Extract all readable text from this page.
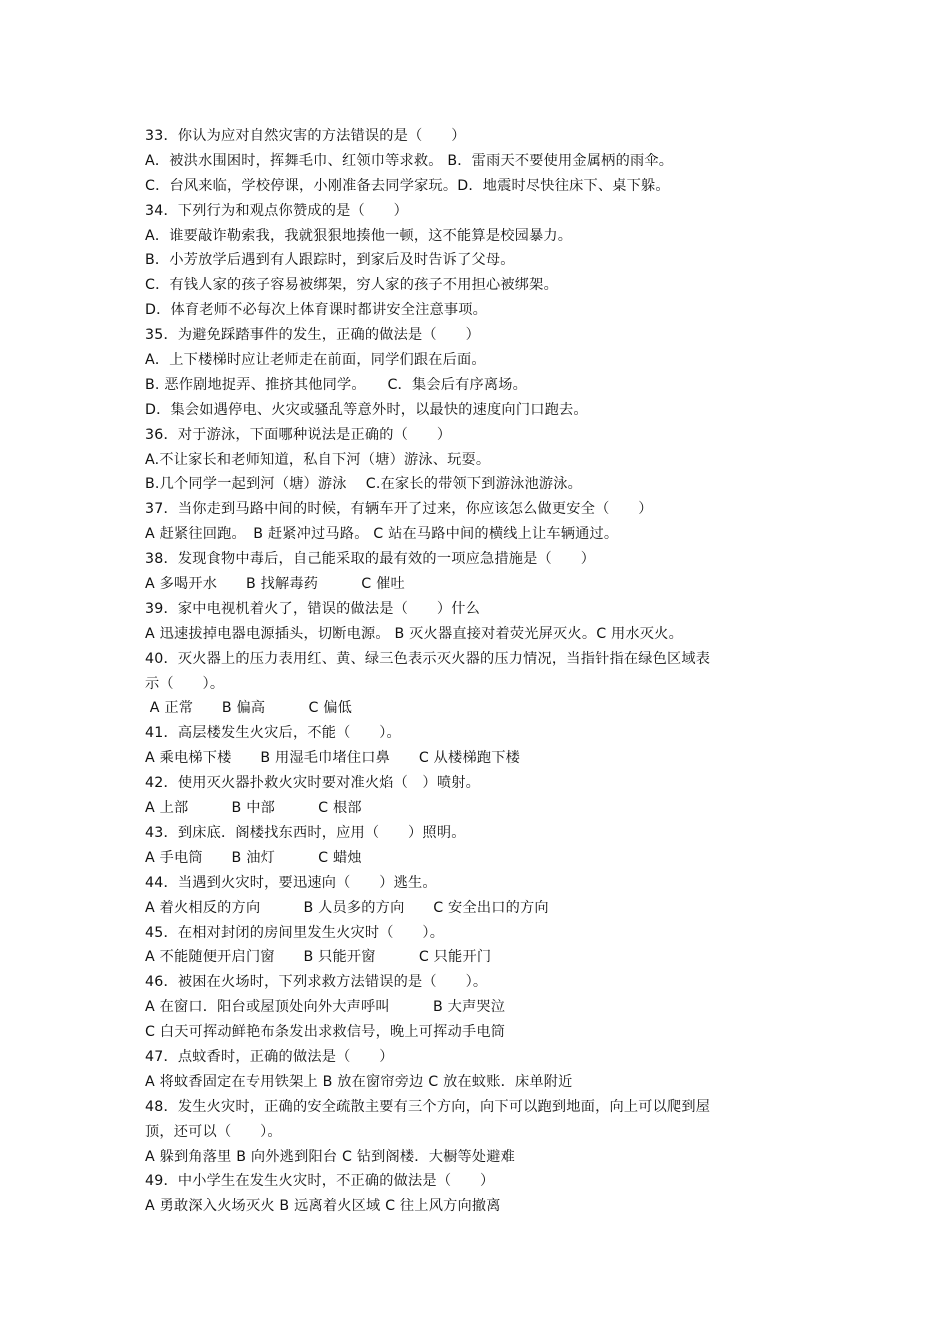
33．你认为应对自然灾害的方法错误的是（　　）
A．被洪水围困时，挥舞毛巾、红领巾等求救。 B．雷雨天不要使用金属柄的雨伞。
C．台风来临，学校停课，小刚准备去同学家玩。D．地震时尽快往床下、桌下躲。
34．下列行为和观点你赞成的是（　　）
A．谁要敲诈勒索我，我就狠狠地揍他一顿，这不能算是校园暴力。
B．小芳放学后遇到有人跟踪时，到家后及时告诉了父母。
C．有钱人家的孩子容易被绑架，穷人家的孩子不用担心被绑架。
D．体育老师不必每次上体育课时都讲安全注意事项。
35．为避免踩踏事件的发生，正确的做法是（　　）
A．上下楼梯时应让老师走在前面，同学们跟在后面。
B. 恶作剧地捉弄、推挤其他同学。　　C．集会后有序离场。
D．集会如遇停电、火灾或骚乱等意外时，以最快的速度向门口跑去。
36．对于游泳，下面哪种说法是正确的（　　）
A.不让家长和老师知道，私自下河（塘）游泳、玩耍。
B.几个同学一起到河（塘）游泳　 C.在家长的带领下到游泳池游泳。
37．当你走到马路中间的时候，有辆车开了过来，你应该怎么做更安全（　　）
A 赶紧往回跑。　B 赶紧冲过马路。 C 站在马路中间的横线上让车辆通过。
38．发现食物中毒后，自己能采取的最有效的一项应急措施是（　　）
A 多喝开水　　B 找解毒药　　　C 催吐
39．家中电视机着火了，错误的做法是（　　）什么
A 迅速拔掉电器电源插头，切断电源。 B 灭火器直接对着荧光屏灭火。C 用水灭火。
40．灭火器上的压力表用红、黄、绿三色表示灭火器的压力情况，当指针指在绿色区域表
示（　　）。
A 正常　　B 偏高　　　C 偏低
41．高层楼发生火灾后，不能（　　）。
A 乘电梯下楼　　B 用湿毛巾堵住口鼻　　C 从楼梯跑下楼
42．使用灭火器扑救火灾时要对准火焰（　）喷射。
A 上部　　　B 中部　　　C 根部
43．到床底．阁楼找东西时，应用（　　）照明。
A 手电筒　　B 油灯　　　C 蜡烛
44．当遇到火灾时，要迅速向（　　）逃生。
A 着火相反的方向　　　B 人员多的方向　　C 安全出口的方向
45．在相对封闭的房间里发生火灾时（　　）。
A 不能随便开启门窗　　B 只能开窗　　　C 只能开门
46．被困在火场时，下列求救方法错误的是（　　）。
A 在窗口．阳台或屋顶处向外大声呼叫　　　B 大声哭泣
C 白天可挥动鲜艳布条发出求救信号，晚上可挥动手电筒
47．点蚊香时，正确的做法是（　　）
A 将蚊香固定在专用铁架上 B 放在窗帘旁边 C 放在蚊账．床单附近
48．发生火灾时，正确的安全疏散主要有三个方向，向下可以跑到地面，向上可以爬到屋
顶，还可以（　　）。
A 躲到角落里 B 向外逃到阳台 C 钻到阁楼．大橱等处避难
49．中小学生在发生火灾时，不正确的做法是（　　）
A 勇敢深入火场灭火 B 远离着火区域 C 往上风方向撤离
